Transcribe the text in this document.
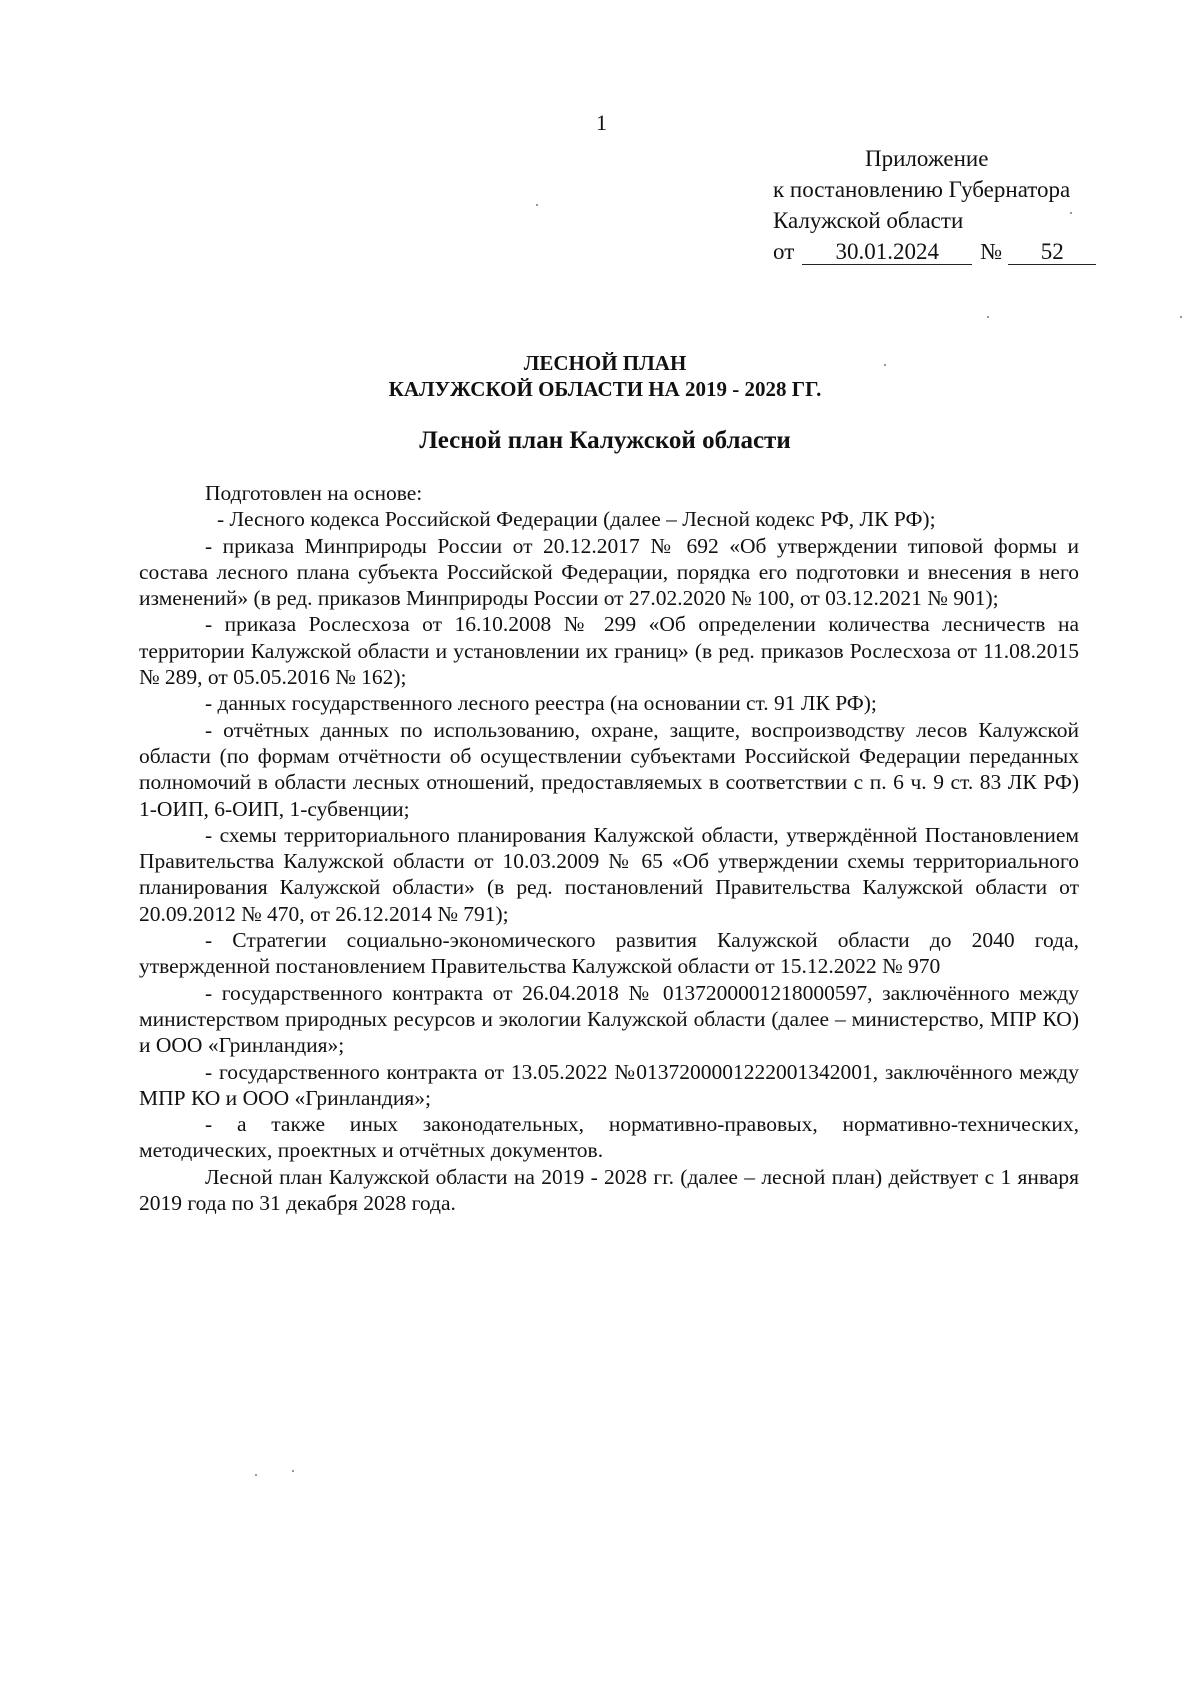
1
Приложение
к постановлению Губернатора
Калужской области
от 30.01.2024 № 52
ЛЕСНОЙ ПЛАН
КАЛУЖСКОЙ ОБЛАСТИ НА 2019 - 2028 ГГ.
Лесной план Калужской области

Подготовлен на основе:

- Лесного кодекса Российской Федерации (далее – Лесной кодекс РФ, ЛК РФ);

- приказа Минприроды России от 20.12.2017 № 692 «Об утверждении типовой формы и состава лесного плана субъекта Российской Федерации, порядка его подготовки и внесения в него изменений» (в ред. приказов Минприроды России от 27.02.2020 № 100, от 03.12.2021 № 901);

- приказа Рослесхоза от 16.10.2008 № 299 «Об определении количества лесничеств на территории Калужской области и установлении их границ» (в ред. приказов Рослесхоза от 11.08.2015 № 289, от 05.05.2016 № 162);

- данных государственного лесного реестра (на основании ст. 91 ЛК РФ);

- отчётных данных по использованию, охране, защите, воспроизводству лесов Калужской области (по формам отчётности об осуществлении субъектами Российской Федерации переданных полномочий в области лесных отношений, предоставляемых в соответствии с п. 6 ч. 9 ст. 83 ЛК РФ) 1-ОИП, 6-ОИП, 1-субвенции;

- схемы территориального планирования Калужской области, утверждённой Постановлением Правительства Калужской области от 10.03.2009 № 65 «Об утверждении схемы территориального планирования Калужской области» (в ред. постановлений Правительства Калужской области от 20.09.2012 № 470, от 26.12.2014 № 791);

- Стратегии социально-экономического развития Калужской области до 2040 года, утвержденной постановлением Правительства Калужской области от 15.12.2022 № 970

- государственного контракта от 26.04.2018 № 0137200001218000597, заключённого между министерством природных ресурсов и экологии Калужской области (далее – министерство, МПР КО) и ООО «Гринландия»;

- государственного контракта от 13.05.2022 №0137200001222001342001, заключённого между МПР КО и ООО «Гринландия»;

- а также иных законодательных, нормативно-правовых, нормативно-технических, методических, проектных и отчётных документов.

Лесной план Калужской области на 2019 - 2028 гг. (далее – лесной план) действует с 1 января 2019 года по 31 декабря 2028 года.
